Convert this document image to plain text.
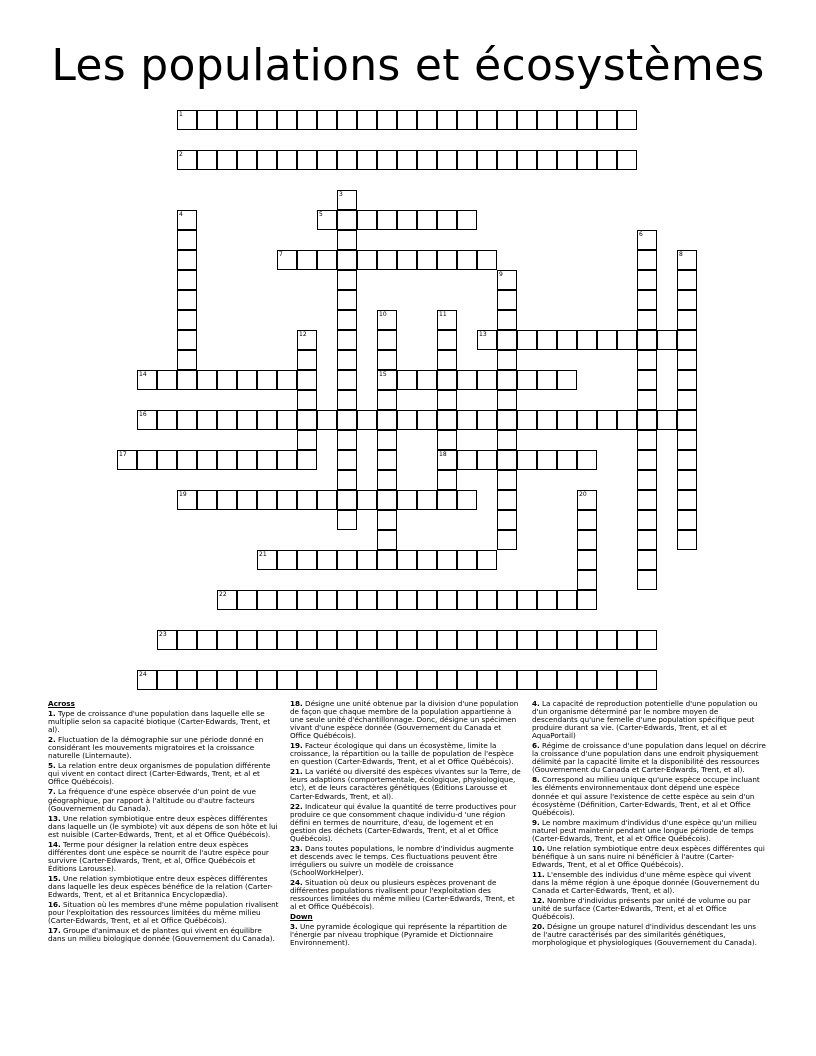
Les populations et écosystèmes
1
2
3
4	5
6
7	8
9
10	11
12	13
14	15
16
17	18
19	20
21
22
23
24

Across

1. Type de croissance d'une population dans laquelle elle se multiplie selon sa capacité biotique (Carter-Edwards, Trent, et al).

2. Fluctuation de la démographie sur une période donné en considérant les mouvements migratoires et la croissance naturelle (Linternaute).

5. La relation entre deux organismes de population différente qui vivent en contact direct (Carter-Edwards, Trent, et al et Office Québécois).

7. La fréquence d'une espèce observée d'un point de vue géographique, par rapport à l'altitude ou d'autre facteurs (Gouvernement du Canada).

13. Une relation symbiotique entre deux espèces différentes dans laquelle un (le symbiote) vit aux dépens de son hôte et lui est nuisible (Carter-Edwards, Trent, et al et Office Québécois).

14. Terme pour désigner la relation entre deux espèces différentes dont une espèce se nourrit de l'autre espèce pour survivre (Carter-Edwards, Trent, et al, Office Québécois et Éditions Larousse).

15. Une relation symbiotique entre deux espèces différentes dans laquelle les deux espèces bénéfice de la relation (Carter-Edwards, Trent, et al et Britannica Encyclopædia).

16. Situation où les membres d'une même population rivalisent pour l'exploitation des ressources limitées du même milieu (Carter-Edwards, Trent, et al et Office Québécois).

17. Groupe d'animaux et de plantes qui vivent en équilibre dans un milieu biologique donnée (Gouvernement du Canada).

18. Désigne une unité obtenue par la division d'une population de façon que chaque membre de la population appartienne à une seule unité d'échantillonnage. Donc, désigne un spécimen vivant d'une espèce donnée (Gouvernement du Canada et Office Québécois).

19. Facteur écologique qui dans un écosystème, limite la croissance, la répartition ou la taille de population de l'espèce en question (Carter-Edwards, Trent, et al et Office Québécois).

21. La variété ou diversité des espèces vivantes sur la Terre, de leurs adaptions (comportementale, écologique, physiologique, etc), et de leurs caractères génétiques (Éditions Larousse et Carter-Edwards, Trent, et al).

22. Indicateur qui évalue la quantité de terre productives pour produire ce que consomment chaque individu-d 'une région défini en termes de nourriture, d'eau, de logement et en gestion des déchets (Carter-Edwards, Trent, et al et Office Québécois).

23. Dans toutes populations, le nombre d'individus augmente et descends avec le temps. Ces fluctuations peuvent être irréguliers ou suivre un modèle de croissance (SchoolWorkHelper).

24. Situation où deux ou plusieurs espèces provenant de différentes populations rivalisent pour l'exploitation des ressources limitées du même milieu (Carter-Edwards, Trent, et al et Office Québécois).

Down

3. Une pyramide écologique qui représente la répartition de l'énergie par niveau trophique (Pyramide et Dictionnaire Environnement).

4. La capacité de reproduction potentielle d'une population ou d'un organisme déterminé par le nombre moyen de descendants qu'une femelle d'une population spécifique peut produire durant sa vie. (Carter-Edwards, Trent, et al et AquaPortail)

6. Régime de croissance d'une population dans lequel on décrire la croissance d'une population dans une endroit physiquement délimité par la capacité limite et la disponibilité des ressources (Gouvernement du Canada et Carter-Edwards, Trent, et al).

8. Correspond au milieu unique qu'une espèce occupe incluant les éléments environnementaux dont dépend une espèce donnée et qui assure l'existence de cette espèce au sein d'un écosystème (Définition, Carter-Edwards, Trent, et al et Office Québécois).

9. Le nombre maximum d'individus d'une espèce qu'un milieu naturel peut maintenir pendant une longue période de temps (Carter-Edwards, Trent, et al et Office Québécois).

10. Une relation symbiotique entre deux espèces différentes qui bénéfique à un sans nuire ni bénéficier à l'autre (Carter-Edwards, Trent, et al et Office Québécois).

11. L'ensemble des individus d'une même espèce qui vivent dans la même région à une époque donnée (Gouvernement du Canada et Carter-Edwards, Trent, et al).

12. Nombre d'individus présents par unité de volume ou par unité de surface (Carter-Edwards, Trent, et al et Office Québécois).

20. Désigne un groupe naturel d'individus descendant les uns de l'autre caractérisés par des similarités génétiques, morphologique et physiologiques (Gouvernement du Canada).
